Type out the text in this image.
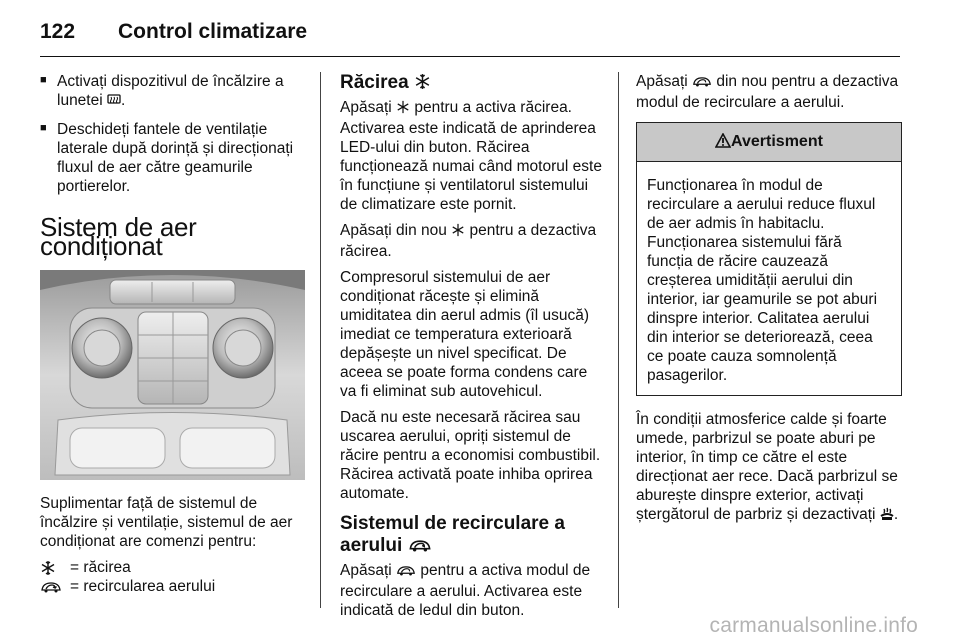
122	Control climatizare
■ Activați dispozitivul de încălzire a lunetei .
■ Deschideți fantele de ventilație laterale după dorință și direcționați fluxul de aer către geamurile portierelor.
Sistem de aer condiționat

Suplimentar față de sistemul de încălzire și ventilație, sistemul de aer condiționat are comenzi pentru:

= răcirea
= recircularea aerului
Răcirea

Apăsați pentru a activa răcirea. Activarea este indicată de aprinderea LED-ului din buton. Răcirea funcționează numai când motorul este în funcțiune și ventilatorul sistemului de climatizare este pornit.

Apăsați din nou pentru a dezactiva răcirea.

Compresorul sistemului de aer condiționat răcește și elimină umiditatea din aerul admis (îl usucă) imediat ce temperatura exterioară depășește un nivel specificat. De aceea se poate forma condens care va fi eliminat sub autovehicul.

Dacă nu este necesară răcirea sau uscarea aerului, opriți sistemul de răcire pentru a economisi combustibil. Răcirea activată poate inhiba oprirea automate.

Sistemul de recirculare a aerului

Apăsați pentru a activa modul de recirculare a aerului. Activarea este indicată de ledul din buton.

Apăsați din nou pentru a dezactiva modul de recirculare a aerului.

Avertisment
Funcționarea în modul de recirculare a aerului reduce fluxul de aer admis în habitaclu. Funcționarea sistemului fără funcția de răcire cauzează creșterea umidității aerului din interior, iar geamurile se pot aburi dinspre interior. Calitatea aerului din interior se deteriorează, ceea ce poate cauza somnolență pasagerilor.

În condiții atmosferice calde și foarte umede, parbrizul se poate aburi pe interior, în timp ce către el este direcționat aer rece. Dacă parbrizul se aburește dinspre exterior, activați ștergătorul de parbriz și dezactivați .

carmanualsonline.info
